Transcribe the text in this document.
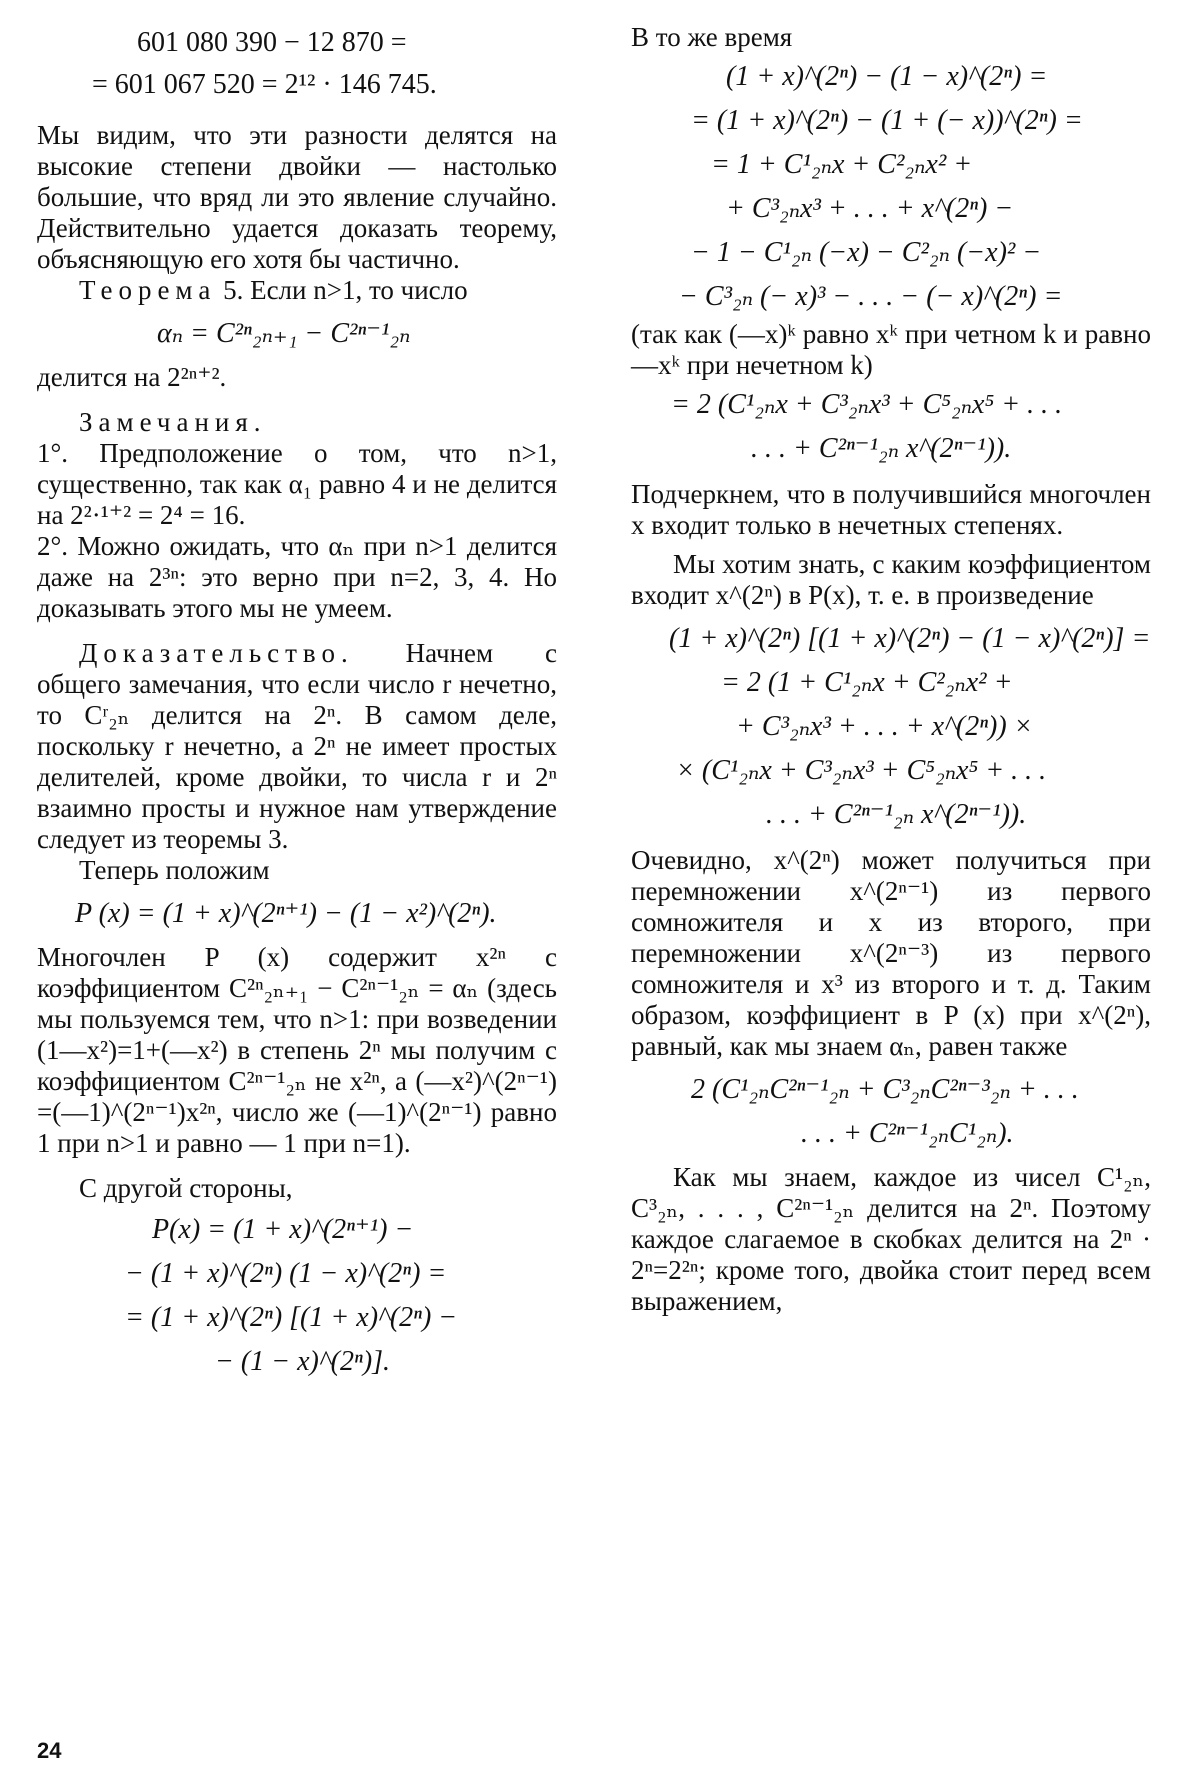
601 080 390 − 12 870 =
= 601 067 520 = 2¹² · 146 745.

Мы видим, что эти разности делятся на высокие степени двойки — настолько большие, что вряд ли это явление случайно. Действительно удается доказать теорему, объясняющую его хотя бы частично.

Теорема 5. Если n>1, то число

αₙ = C²ⁿ₂ₙ₊₁ − C²ⁿ⁻¹₂ₙ

делится на 2²ⁿ⁺².

Замечания.

1°. Предположение о том, что n>1, существенно, так как α₁ равно 4 и не делится на 2²·¹⁺² = 2⁴ = 16.

2°. Можно ожидать, что αₙ при n>1 делится даже на 2³ⁿ: это верно при n=2, 3, 4. Но доказывать этого мы не умеем.

Доказательство. Начнем с общего замечания, что если число r нечетно, то Cʳ₂ₙ делится на 2ⁿ. В самом деле, поскольку r нечетно, а 2ⁿ не имеет простых делителей, кроме двойки, то числа r и 2ⁿ взаимно просты и нужное нам утверждение следует из теоремы 3.

Теперь положим

P (x) = (1 + x)^(2ⁿ⁺¹) − (1 − x²)^(2ⁿ).

Многочлен P (x) содержит x²ⁿ с коэффициентом C²ⁿ₂ₙ₊₁ − C²ⁿ⁻¹₂ₙ = αₙ (здесь мы пользуемся тем, что n>1: при возведении (1—x²)=1+(—x²) в степень 2ⁿ мы получим с коэффициентом C²ⁿ⁻¹₂ₙ не x²ⁿ, а (—x²)^(2ⁿ⁻¹) =(—1)^(2ⁿ⁻¹)x²ⁿ, число же (—1)^(2ⁿ⁻¹) равно 1 при n>1 и равно — 1 при n=1).

С другой стороны,

P(x) = (1 + x)^(2ⁿ⁺¹) −
− (1 + x)^(2ⁿ) (1 − x)^(2ⁿ) =
= (1 + x)^(2ⁿ) [(1 + x)^(2ⁿ) −
− (1 − x)^(2ⁿ)].

В то же время

(1 + x)^(2ⁿ) − (1 − x)^(2ⁿ) =
= (1 + x)^(2ⁿ) − (1 + (− x))^(2ⁿ) =
= 1 + C¹₂ₙx + C²₂ₙx² +
+ C³₂ₙx³ + . . . + x^(2ⁿ) −
− 1 − C¹₂ₙ (−x) − C²₂ₙ (−x)² −
− C³₂ₙ (− x)³ − . . . − (− x)^(2ⁿ) =

(так как (—x)ᵏ равно xᵏ при четном k и равно —xᵏ при нечетном k)

= 2 (C¹₂ₙx + C³₂ₙx³ + C⁵₂ₙx⁵ + . . .
. . . + C²ⁿ⁻¹₂ₙ x^(2ⁿ⁻¹)).

Подчеркнем, что в получившийся многочлен x входит только в нечетных степенях.

Мы хотим знать, с каким коэффициентом входит x^(2ⁿ) в P(x), т. е. в произведение

(1 + x)^(2ⁿ) [(1 + x)^(2ⁿ) − (1 − x)^(2ⁿ)] =
= 2 (1 + C¹₂ₙx + C²₂ₙx² +
+ C³₂ₙx³ + . . . + x^(2ⁿ)) ×
× (C¹₂ₙx + C³₂ₙx³ + C⁵₂ₙx⁵ + . . .
. . . + C²ⁿ⁻¹₂ₙ x^(2ⁿ⁻¹)).

Очевидно, x^(2ⁿ) может получиться при перемножении x^(2ⁿ⁻¹) из первого сомножителя и x из второго, при перемножении x^(2ⁿ⁻³) из первого сомножителя и x³ из второго и т. д. Таким образом, коэффициент в P (x) при x^(2ⁿ), равный, как мы знаем αₙ, равен также

2 (C¹₂ₙC²ⁿ⁻¹₂ₙ + C³₂ₙC²ⁿ⁻³₂ₙ + . . .
. . . + C²ⁿ⁻¹₂ₙC¹₂ₙ).

Как мы знаем, каждое из чисел C¹₂ₙ, C³₂ₙ, . . . , C²ⁿ⁻¹₂ₙ делится на 2ⁿ. Поэтому каждое слагаемое в скобках делится на 2ⁿ · 2ⁿ=2²ⁿ; кроме того, двойка стоит перед всем выражением,

24
